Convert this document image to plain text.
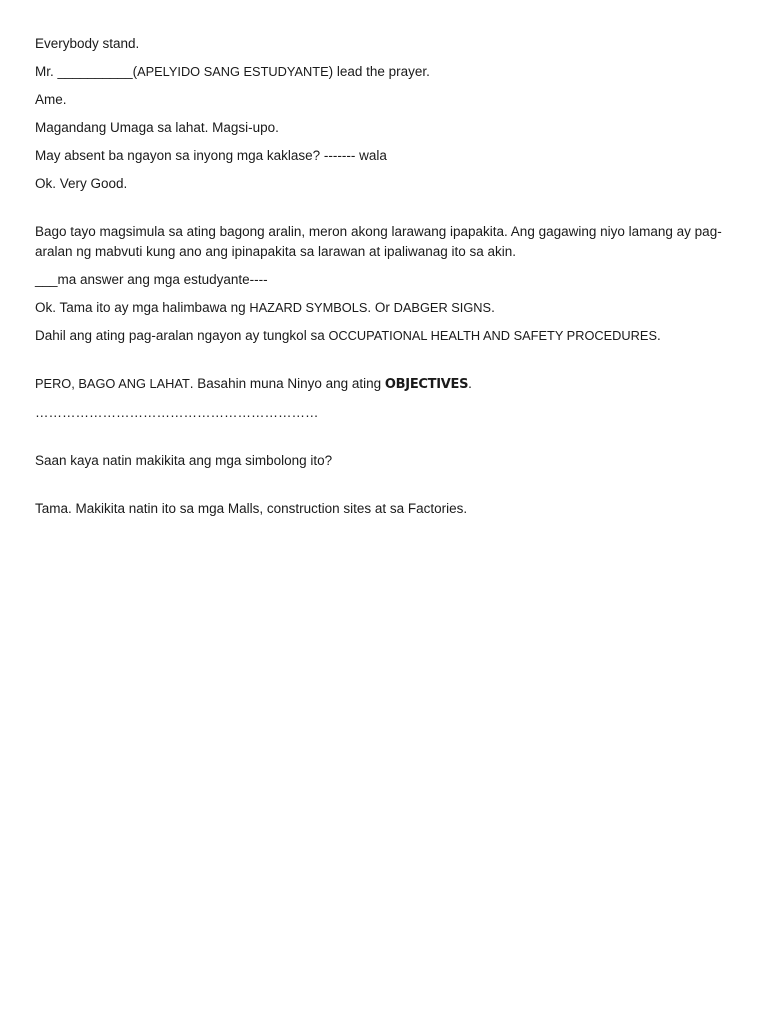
Everybody stand.

Mr. __________(APELYIDO SANG ESTUDYANTE) lead the prayer.

Ame.

Magandang Umaga sa lahat. Magsi-upo.

May absent ba ngayon sa inyong mga kaklase? ------- wala

Ok. Very Good.

Bago tayo magsimula sa ating bagong aralin, meron akong larawang ipapakita. Ang gagawing niyo lamang ay pag-aralan ng mabvuti kung ano ang ipinapakita sa larawan at ipaliwanag ito sa akin.

___ma answer ang mga estudyante----

Ok. Tama ito ay mga halimbawa ng HAZARD SYMBOLS. Or DABGER SIGNS.

Dahil ang ating pag-aralan ngayon ay tungkol sa OCCUPATIONAL HEALTH AND SAFETY PROCEDURES.

PERO, BAGO ANG LAHAT. Basahin muna Ninyo ang ating OBJECTIVES.

………………………………………………………

Saan kaya natin makikita ang mga simbolong ito?

Tama. Makikita natin ito sa mga Malls, construction sites at sa Factories.
